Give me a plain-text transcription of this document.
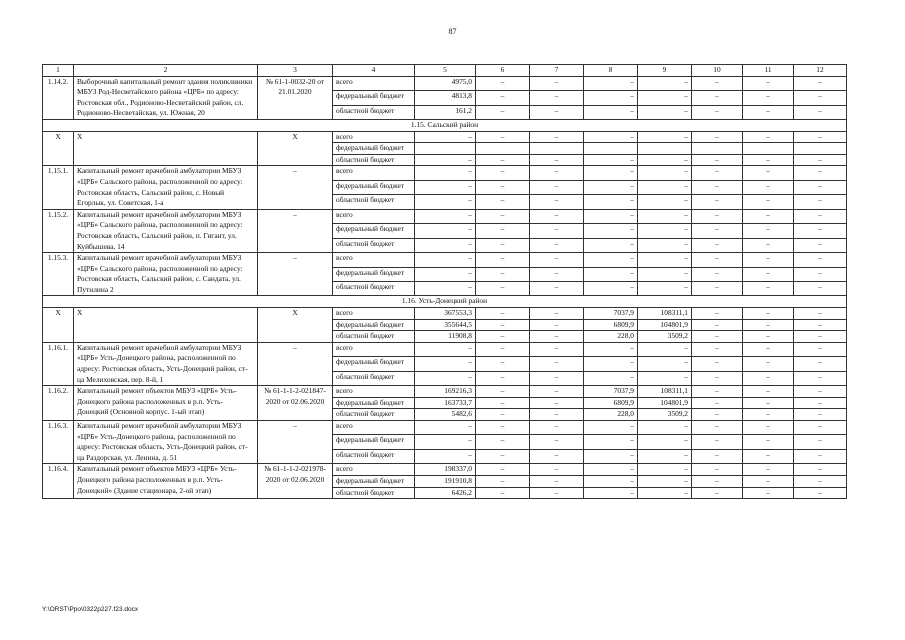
87
1	2	3	4	5	6	7	8	9	10	11	12
1.14.2.	Выборочный капитальный ремонт здания поликлиники МБУЗ Род-Несветайского района «ЦРБ» по адресу: Ростовская обл., Родионово-Несветайский район, сл. Родионово-Несветайская, ул. Южная, 20	№ 61-1-0032-20 от 21.01.2020	всего	4975,0	–	–	–	–	–	–	–
			федеральный бюджет	4813,8	–	–	–	–	–	–	–
			областной бюджет	161,2	–	–	–	–	–	–	–
1.15. Сальский район											
Х	Х	Х	всего	–	–	–	–	–	–	–	–
			федеральный бюджет								
			областной бюджет	–	–	–	–	–	–	–	–
1.15.1.	Капитальный ремонт врачебной амбулатории МБУЗ «ЦРБ» Сальского района, расположенной по адресу: Ростовская область, Сальский район, с. Новый Егорлык, ул. Советская, 1-а	–	всего	–	–	–	–	–	–	–	–
			федеральный бюджет	–	–	–	–	–	–	–	–
			областной бюджет	–	–	–	–	–	–	–	–
1.15.2.	Капитальный ремонт врачебной амбулатории МБУЗ «ЦРБ» Сальского района, расположенной по адресу: Ростовская область, Сальский район, п. Гигант, ул. Куйбышева, 14	–	всего	–	–	–	–	–	–	–	–
			федеральный бюджет	–	–	–	–	–	–	–	–
			областной бюджет	–	–	–	–	–	–	–	–
1.15.3.	Капитальный ремонт врачебной амбулатории МБУЗ «ЦРБ» Сальского района, расположенной по адресу: Ростовская область, Сальский район, с. Сандата, ул. Путилина 2	–	всего	–	–	–	–	–	–	–	–
			федеральный бюджет	–	–	–	–	–	–	–	–
			областной бюджет	–	–	–	–	–	–	–	–
1.16. Усть-Донецкий район											
Х	Х	Х	всего	367553,3	–	–	7037,9	108311,1	–	–	–
			федеральный бюджет	355644,5	–	–	6809,9	104801,9	–	–	–
			областной бюджет	11908,8	–	–	228,0	3509,2	–	–	–
1.16.1.	Капитальный ремонт врачебной амбулатории МБУЗ «ЦРБ» Усть-Донецкого района, расположенной по адресу: Ростовская область, Усть-Донецкий район, ст-ца Мелиховская, пер. 8-й, 1	–	всего	–	–	–	–	–	–	–	–
			федеральный бюджет	–	–	–	–	–	–	–	–
			областной бюджет	–	–	–	–	–	–	–	–
1.16.2.	Капитальный ремонт объектов МБУЗ «ЦРБ» Усть-Донецкого района расположенных в р.п. Усть-Донецкий (Основной корпус. 1-ый этап)	№ 61-1-1-2-021847-2020 от 02.06.2020	всего	169216,3	–	–	7037,9	108311,1	–	–	–
			федеральный бюджет	163733,7	–	–	6809,9	104801,9	–	–	–
			областной бюджет	5482,6	–	–	228,0	3509,2	–	–	–
1.16.3.	Капитальный ремонт врачебной амбулатории МБУЗ «ЦРБ» Усть-Донецкого района, расположенной по адресу: Ростовская область, Усть-Донецкий район, ст-ца Раздорская, ул. Ленина, д. 51	–	всего	–	–	–	–	–	–	–	–
			федеральный бюджет	–	–	–	–	–	–	–	–
			областной бюджет	–	–	–	–	–	–	–	–
1.16.4.	Капитальный ремонт объектов МБУЗ «ЦРБ» Усть-Донецкого района расположенных в р.п. Усть-Донецкий» (Здание стационара, 2-ой этап)	№ 61-1-1-2-021978-2020 от 02.06.2020	всего	198337,0	–	–	–	–	–	–	–
			федеральный бюджет	191910,8	–	–	–	–	–	–	–
			областной бюджет	6426,2	–	–	–	–	–	–	–
Y:\ORST\Ppo\0322p227.f23.docx
